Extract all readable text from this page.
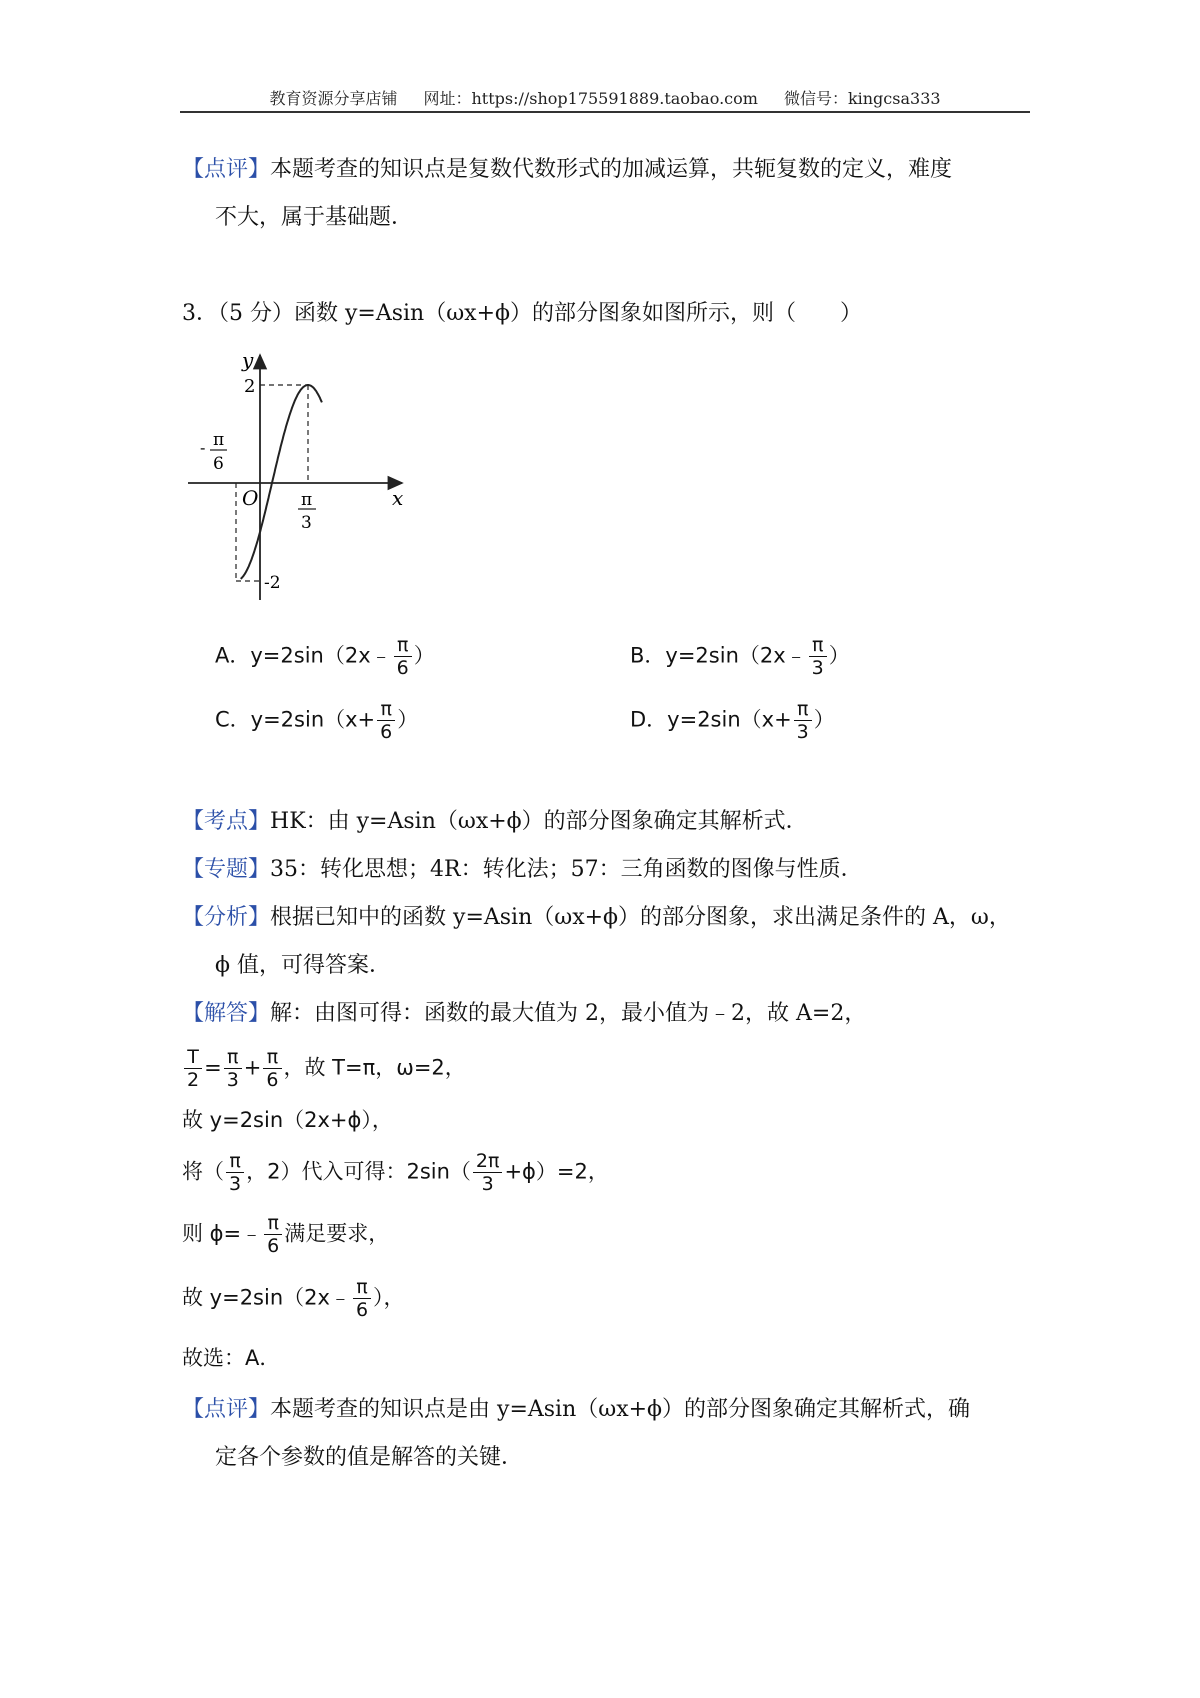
教育资源分享店铺 网址：https://shop175591889.taobao.com 微信号：kingcsa333
【点评】本题考查的知识点是复数代数形式的加减运算，共轭复数的定义，难度
不大，属于基础题．
3．（5 分）函数 y=Asin（ωx+ϕ）的部分图象如图所示，则（　　）
y
x
O
2
-2
- π
6
π
3
A．y=2sin（2x﹣ $\frac{\pi}{6}$ ）	B．y=2sin（2x﹣ $\frac{\pi}{3}$ ）
C．$y=2\sin(x+ \frac{\pi}{6}$ ）	D．$y=2\sin(x+ \frac{\pi}{3}$ ）
【考点】HK：由 y=Asin（ωx+ϕ）的部分图象确定其解析式．
【专题】35：转化思想；4R：转化法；57：三角函数的图像与性质．
【分析】根据已知中的函数 y=Asin（ωx+ϕ）的部分图象，求出满足条件的 A，ω，
ϕ 值，可得答案．
【解答】解：由图可得：函数的最大值为 2，最小值为﹣2，故 A=2，
$\frac{T}{2} = \frac{\pi}{3} + \frac{\pi}{6}$ ，故 T=π，ω=2，
故 y=2sin（2x+ϕ），
将（ $\frac{\pi}{3}$ ，2）代入可得：$2\sin( \frac{2\pi}{3} +\phi)=2$，
则 ϕ=﹣ $\frac{\pi}{6}$ 满足要求，
故 y=2sin（2x﹣ $\frac{\pi}{6}$ ），
故选：A．
【点评】本题考查的知识点是由 y=Asin（ωx+ϕ）的部分图象确定其解析式，确
定各个参数的值是解答的关键．
